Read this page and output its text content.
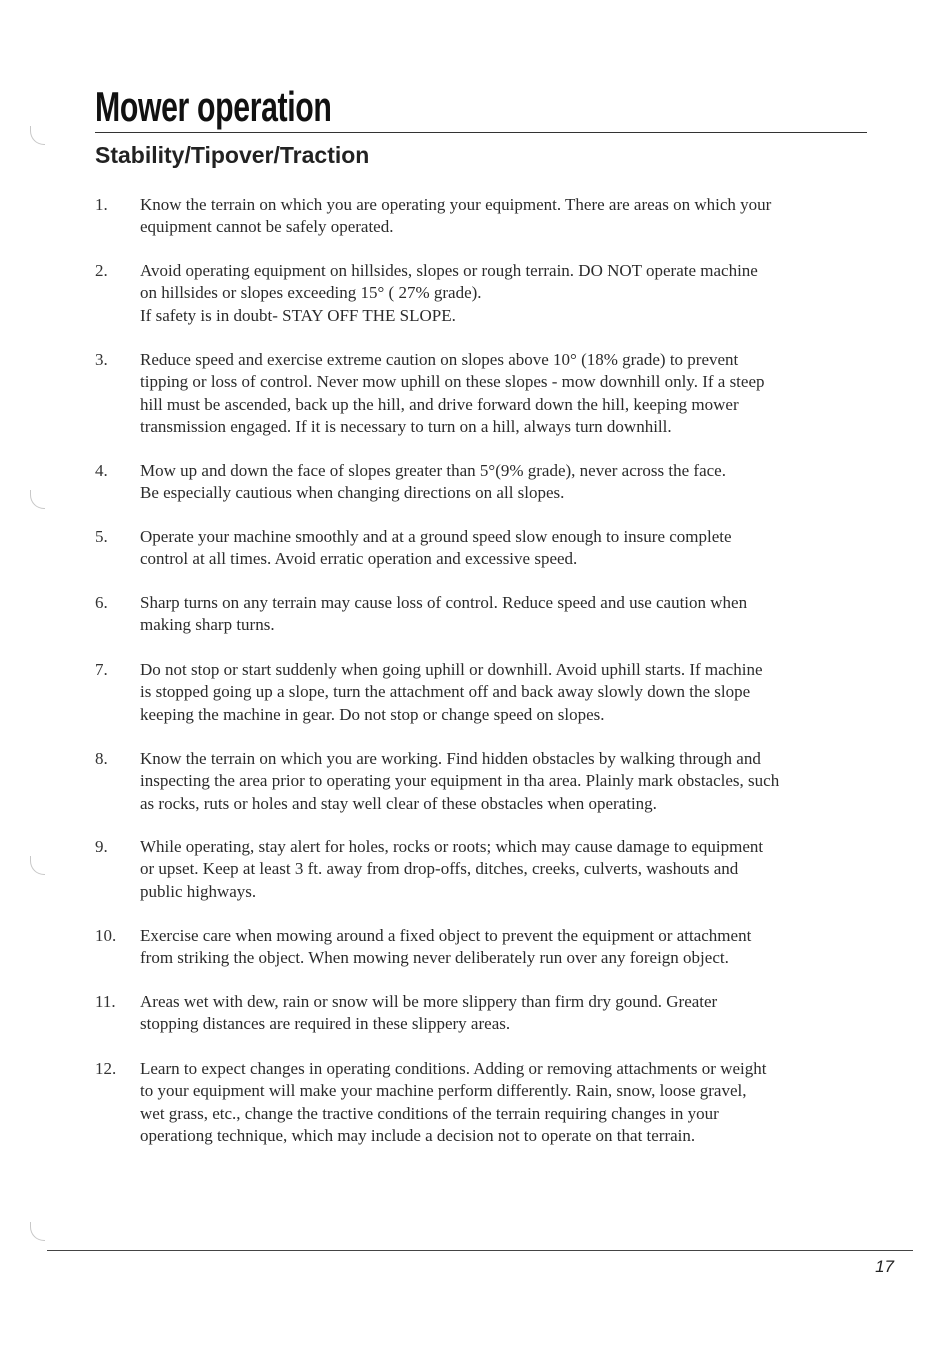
Mower operation
Stability/Tipover/Traction
1. Know the terrain on which you are operating your equipment. There are areas on which your
equipment cannot be safely operated.
2. Avoid operating equipment on hillsides, slopes or rough terrain. DO NOT operate machine
on hillsides or slopes exceeding 15° ( 27% grade).
If safety is in doubt- STAY OFF THE SLOPE.
3. Reduce speed and exercise extreme caution on slopes above 10° (18% grade) to prevent
tipping or loss of control. Never mow uphill on these slopes - mow downhill only. If a steep
hill must be ascended, back up the hill, and drive forward down the hill, keeping mower
transmission engaged. If it is necessary to turn on a hill, always turn downhill.
4. Mow up and down the face of slopes greater than 5°(9% grade), never across the face.
Be especially cautious when changing directions on all slopes.
5. Operate your machine smoothly and at a ground speed slow enough to insure complete
control at all times. Avoid erratic operation and excessive speed.
6. Sharp turns on any terrain may cause loss of control. Reduce speed and use caution when
making sharp turns.
7. Do not stop or start suddenly when going uphill or downhill. Avoid uphill starts. If machine
is stopped going up a slope, turn the attachment off and back away slowly down the slope
keeping the machine in gear. Do not stop or change speed on slopes.
8. Know the terrain on which you are working. Find hidden obstacles by walking through and
inspecting the area prior to operating your equipment in tha area. Plainly mark obstacles, such
as rocks, ruts or holes and stay well clear of these obstacles when operating.
9. While operating, stay alert for holes, rocks or roots; which may cause damage to equipment
or upset. Keep at least 3 ft. away from drop-offs, ditches, creeks, culverts, washouts and
public highways.
10. Exercise care when mowing around a fixed object to prevent the equipment or attachment
from striking the object. When mowing never deliberately run over any foreign object.
11. Areas wet with dew, rain or snow will be more slippery than firm dry gound. Greater
stopping distances are required in these slippery areas.
12. Learn to expect changes in operating conditions. Adding or removing attachments or weight
to your equipment will make your machine perform differently. Rain, snow, loose gravel,
wet grass, etc., change the tractive conditions of the terrain requiring changes in your
operationg technique, which may include a decision not to operate on that terrain.
17
